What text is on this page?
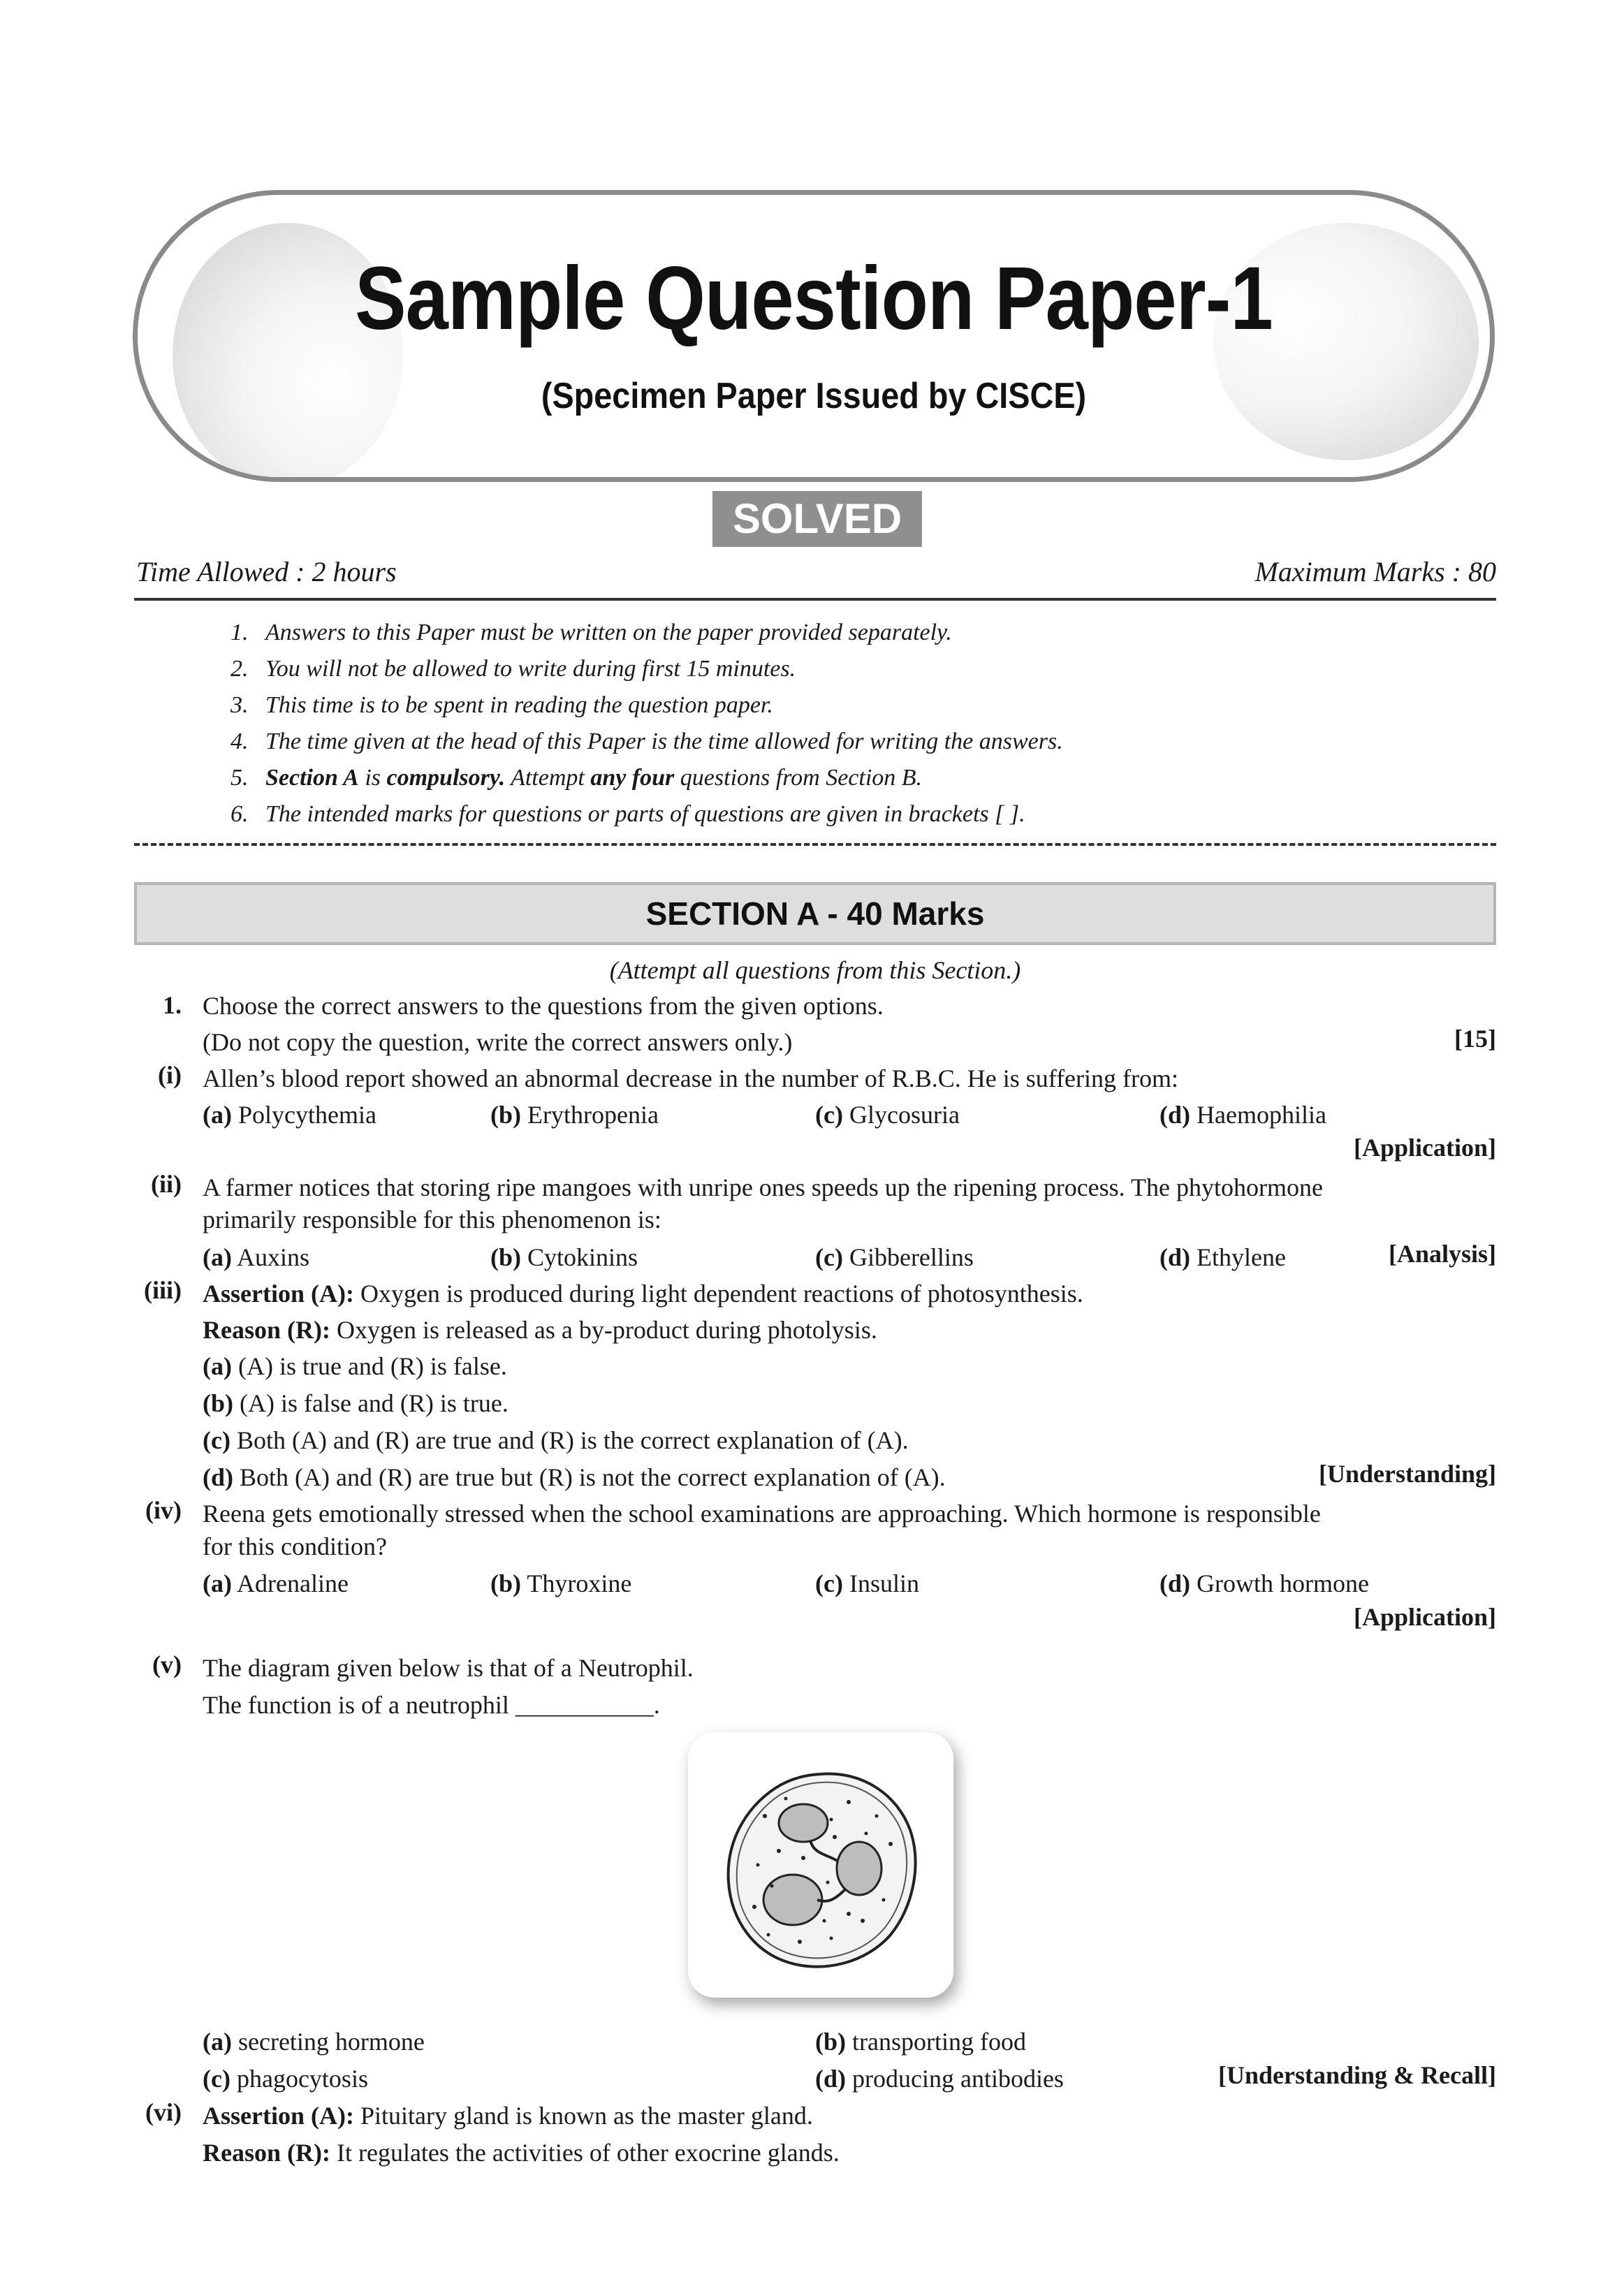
Sample Question Paper-1
(Specimen Paper Issued by CISCE)
SOLVED
Time Allowed : 2 hours	Maximum Marks : 80
1. Answers to this Paper must be written on the paper provided separately.
2. You will not be allowed to write during first 15 minutes.
3. This time is to be spent in reading the question paper.
4. The time given at the head of this Paper is the time allowed for writing the answers.
5. Section A is compulsory. Attempt any four questions from Section B.
6. The intended marks for questions or parts of questions are given in brackets [ ].
SECTION A - 40 Marks
(Attempt all questions from this Section.)
1. Choose the correct answers to the questions from the given options.
(Do not copy the question, write the correct answers only.)	[15]
(i) Allen’s blood report showed an abnormal decrease in the number of R.B.C. He is suffering from:
(a) Polycythemia	(b) Erythropenia	(c) Glycosuria	(d) Haemophilia
[Application]
(ii) A farmer notices that storing ripe mangoes with unripe ones speeds up the ripening process. The phytohormone
primarily responsible for this phenomenon is:
(a) Auxins	(b) Cytokinins	(c) Gibberellins	(d) Ethylene	[Analysis]
(iii) Assertion (A): Oxygen is produced during light dependent reactions of photosynthesis.
Reason (R): Oxygen is released as a by-product during photolysis.
(a) (A) is true and (R) is false.
(b) (A) is false and (R) is true.
(c) Both (A) and (R) are true and (R) is the correct explanation of (A).
(d) Both (A) and (R) are true but (R) is not the correct explanation of (A).	[Understanding]
(iv) Reena gets emotionally stressed when the school examinations are approaching. Which hormone is responsible
for this condition?
(a) Adrenaline	(b) Thyroxine	(c) Insulin	(d) Growth hormone
[Application]
(v) The diagram given below is that of a Neutrophil.
The function is of a neutrophil ___________.
(a) secreting hormone	(b) transporting food
(c) phagocytosis	(d) producing antibodies	[Understanding & Recall]
(vi) Assertion (A): Pituitary gland is known as the master gland.
Reason (R): It regulates the activities of other exocrine glands.
